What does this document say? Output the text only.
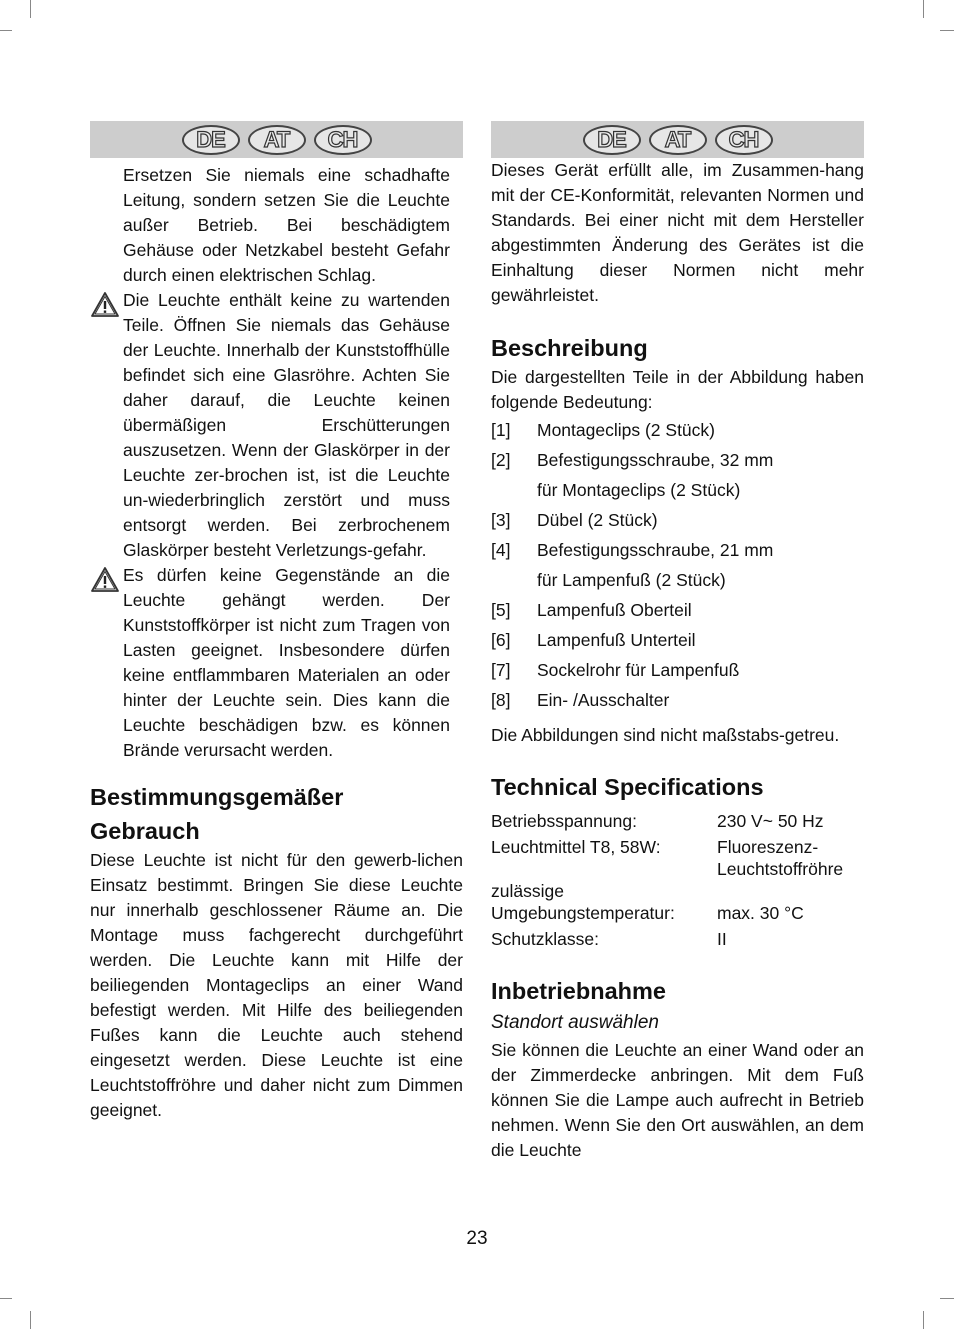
DE	AT	CH

Ersetzen Sie niemals eine schadhafte Leitung, sondern setzen Sie die Leuchte außer Betrieb. Bei beschädigtem Gehäuse oder Netzkabel besteht Gefahr durch einen elektrischen Schlag.

Die Leuchte enthält keine zu wartenden Teile. Öffnen Sie niemals das Gehäuse der Leuchte. Innerhalb der Kunststoffhülle befindet sich eine Glasröhre. Achten Sie daher darauf, die Leuchte keinen übermäßigen Erschütterungen auszusetzen. Wenn der Glaskörper in der Leuchte zer-brochen ist, ist die Leuchte un-wiederbringlich zerstört und muss entsorgt werden. Bei zerbrochenem Glaskörper besteht Verletzungs-gefahr.

Es dürfen keine Gegenstände an die Leuchte gehängt werden. Der Kunststoffkörper ist nicht zum Tragen von Lasten geeignet. Insbesondere dürfen keine entflammbaren Materialen an oder hinter der Leuchte sein. Dies kann die Leuchte beschädigen bzw. es können Brände verursacht werden.

Bestimmungsgemäßer Gebrauch

Diese Leuchte ist nicht für den gewerb-lichen Einsatz bestimmt. Bringen Sie diese Leuchte nur innerhalb geschlossener Räume an. Die Montage muss fachgerecht durchgeführt werden. Die Leuchte kann mit Hilfe der beiliegenden Montageclips an einer Wand befestigt werden. Mit Hilfe des beiliegenden Fußes kann die Leuchte auch stehend eingesetzt werden. Diese Leuchte ist eine Leuchtstoffröhre und daher nicht zum Dimmen geeignet.

DE	AT	CH

Dieses Gerät erfüllt alle, im Zusammen-hang mit der CE-Konformität, relevanten Normen und Standards. Bei einer nicht mit dem Hersteller abgestimmten Änderung des Gerätes ist die Einhaltung dieser Normen nicht mehr gewährleistet.

Beschreibung

Die dargestellten Teile in der Abbildung haben folgende Bedeutung:

[1]	Montageclips (2 Stück)
[2]	Befestigungsschraube, 32 mm
für Montageclips (2 Stück)
[3]	Dübel (2 Stück)
[4]	Befestigungsschraube, 21 mm
für Lampenfuß (2 Stück)
[5]	Lampenfuß Oberteil
[6]	Lampenfuß Unterteil
[7]	Sockelrohr für Lampenfuß
[8]	Ein- /Ausschalter

Die Abbildungen sind nicht maßstabs-getreu.

Technical Specifications
Betriebsspannung:	230 V~ 50 Hz
Leuchtmittel T8, 58W:	Fluoreszenz-
Leuchtstoffröhre
zulässige
Umgebungstemperatur:	max. 30 °C
Schutzklasse:	II
Inbetriebnahme

Standort auswählen

Sie können die Leuchte an einer Wand oder an der Zimmerdecke anbringen. Mit dem Fuß können Sie die Lampe auch aufrecht in Betrieb nehmen. Wenn Sie den Ort auswählen, an dem die Leuchte

23
